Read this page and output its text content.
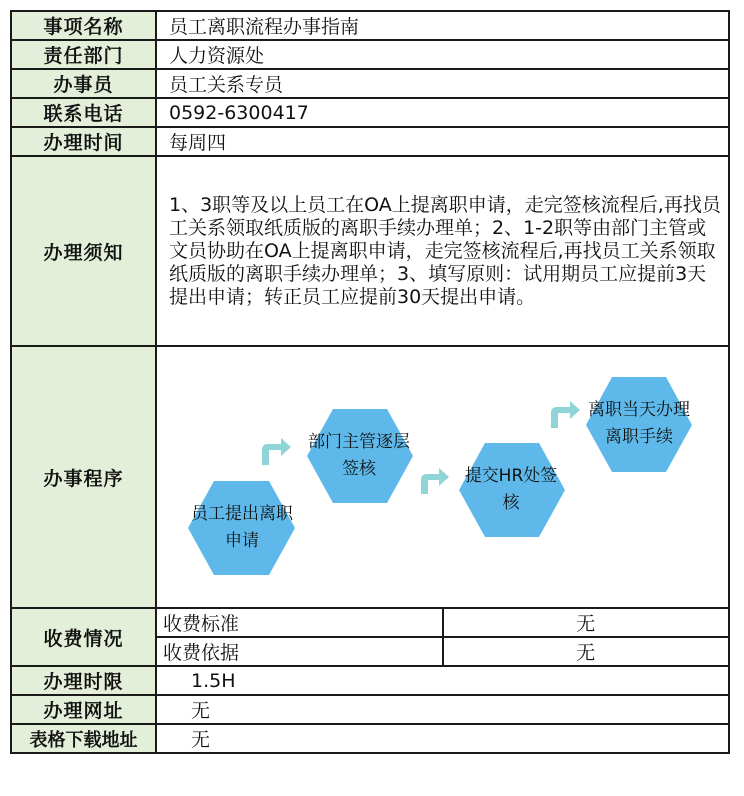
事项名称	员工离职流程办事指南	
责任部门	人力资源处	
办事员	员工关系专员	
联系电话	0592-6300417	
办理时间	每周四	
办理须知	1、3职等及以上员工在OA上提离职申请，走完签核流程后,再找员工关系领取纸质版的离职手续办理单；2、1-2职等由部门主管或文员协助在OA上提离职申请，走完签核流程后,再找员工关系领取纸质版的离职手续办理单；3、填写原则：试用期员工应提前3天提出申请；转正员工应提前30天提出申请。	
办事程序	员工提出离职申请
部门主管逐层签核 提交HR处签核
离职当天办理离职手续	

收费情况	收费标准	无
	收费依据	无
办理时限	1.5H	
办理网址	无	
表格下载地址	无	
